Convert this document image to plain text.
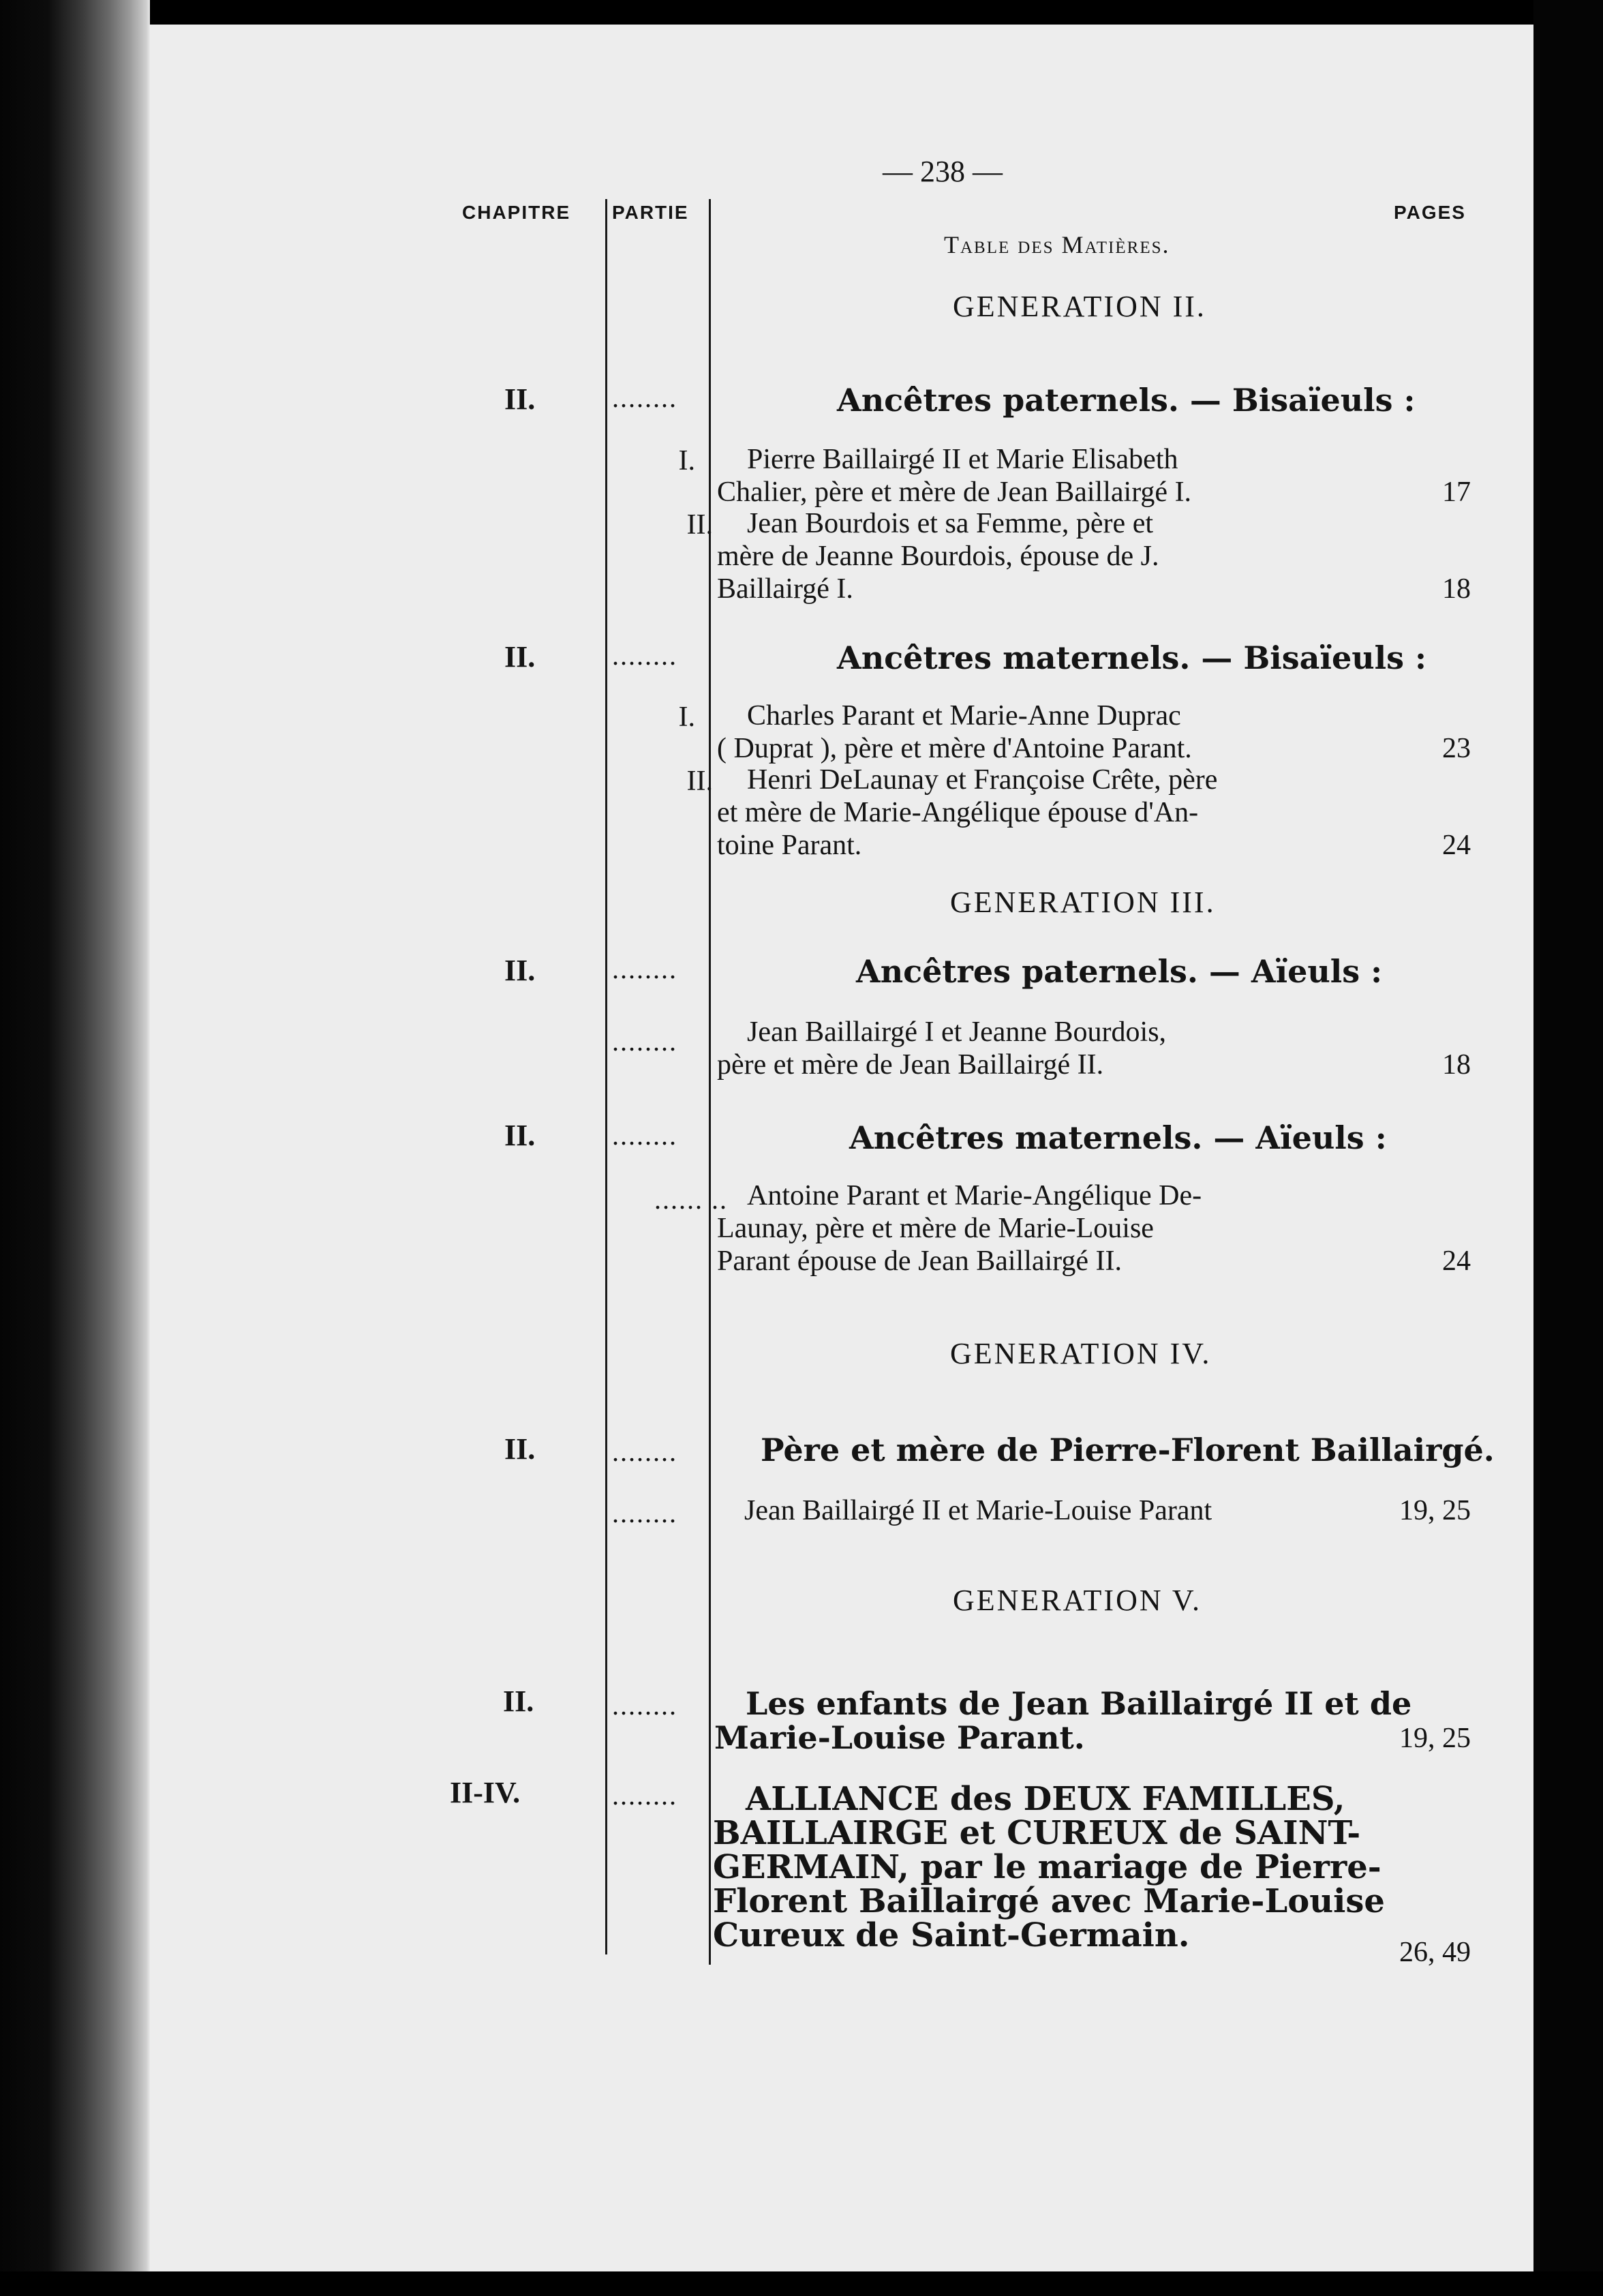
— 238 —
CHAPITRE PARTIE	PAGES
Table des Matières.
GENERATION II.
II.	........	Ancêtres paternels. — Bisaïeuls :
I. Pierre Baillairgé II et Marie Elisabeth
Chalier, père et mère de Jean Baillairgé I.	17
II. Jean Bourdois et sa Femme, père et
mère de Jeanne Bourdois, épouse de J.
Baillairgé I.	18
II.	........	Ancêtres maternels. — Bisaïeuls :
I. Charles Parant et Marie-Anne Duprac
( Duprat ), père et mère d'Antoine Parant.	23
II. Henri DeLaunay et Françoise Crête, père
et mère de Marie-Angélique épouse d'An-
toine Parant.	24
GENERATION III.
II.	........	Ancêtres paternels. — Aïeuls :
........ Jean Baillairgé I et Jeanne Bourdois,
père et mère de Jean Baillairgé II.	18
II.	........	Ancêtres maternels. — Aïeuls :
...... .. Antoine Parant et Marie-Angélique De-
Launay, père et mère de Marie-Louise
Parant épouse de Jean Baillairgé II.	24
GENERATION IV.
II.	........	Père et mère de Pierre-Florent Baillairgé.
........ Jean Baillairgé II et Marie-Louise Parant	19, 25
GENERATION V.
II.	........ Les enfants de Jean Baillairgé II et de
Marie-Louise Parant.	19, 25
II-IV.	........ ALLIANCE des DEUX FAMILLES,
BAILLAIRGE et CUREUX de SAINT-
GERMAIN, par le mariage de Pierre-
Florent Baillairgé avec Marie-Louise
Cureux de Saint-Germain.	26, 49
